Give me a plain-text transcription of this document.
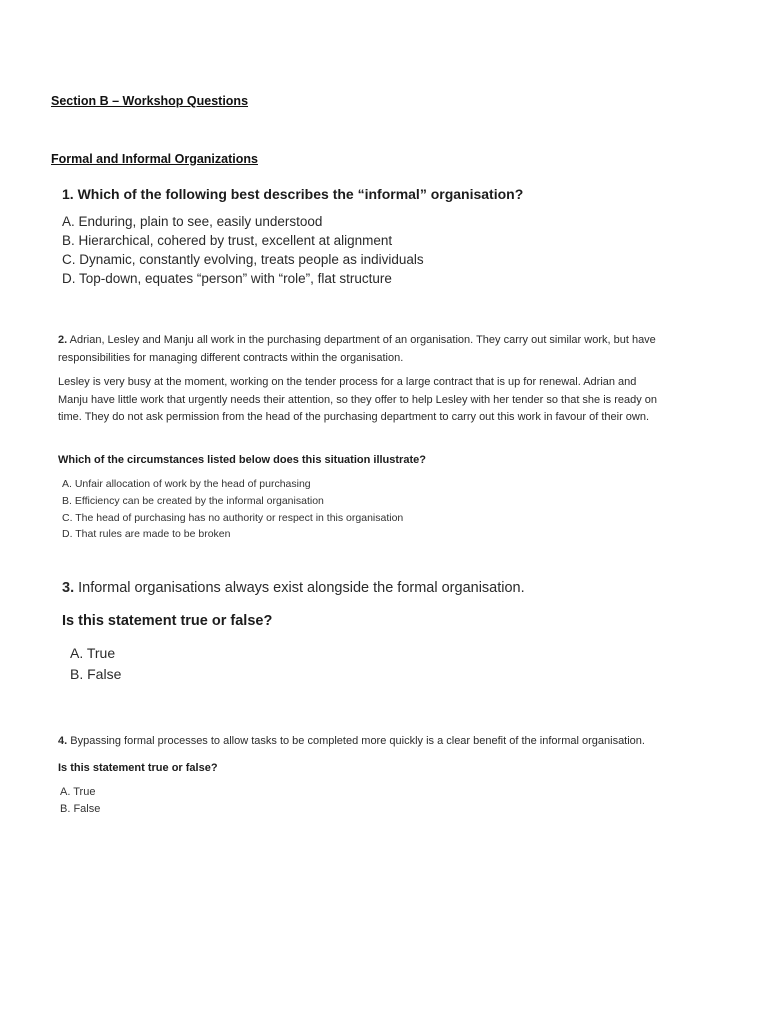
Section B – Workshop Questions
Formal and Informal Organizations
1. Which of the following best describes the “informal” organisation?
A. Enduring, plain to see, easily understood
B. Hierarchical, cohered by trust, excellent at alignment
C. Dynamic, constantly evolving, treats people as individuals
D. Top-down, equates “person” with “role”, flat structure
2. Adrian, Lesley and Manju all work in the purchasing department of an organisation. They carry out similar work, but have responsibilities for managing different contracts within the organisation.
Lesley is very busy at the moment, working on the tender process for a large contract that is up for renewal. Adrian and Manju have little work that urgently needs their attention, so they offer to help Lesley with her tender so that she is ready on time. They do not ask permission from the head of the purchasing department to carry out this work in favour of their own.
Which of the circumstances listed below does this situation illustrate?
A. Unfair allocation of work by the head of purchasing
B. Efficiency can be created by the informal organisation
C. The head of purchasing has no authority or respect in this organisation
D. That rules are made to be broken
3. Informal organisations always exist alongside the formal organisation.
Is this statement true or false?
A. True
B. False
4. Bypassing formal processes to allow tasks to be completed more quickly is a clear benefit of the informal organisation.
Is this statement true or false?
A. True
B. False
